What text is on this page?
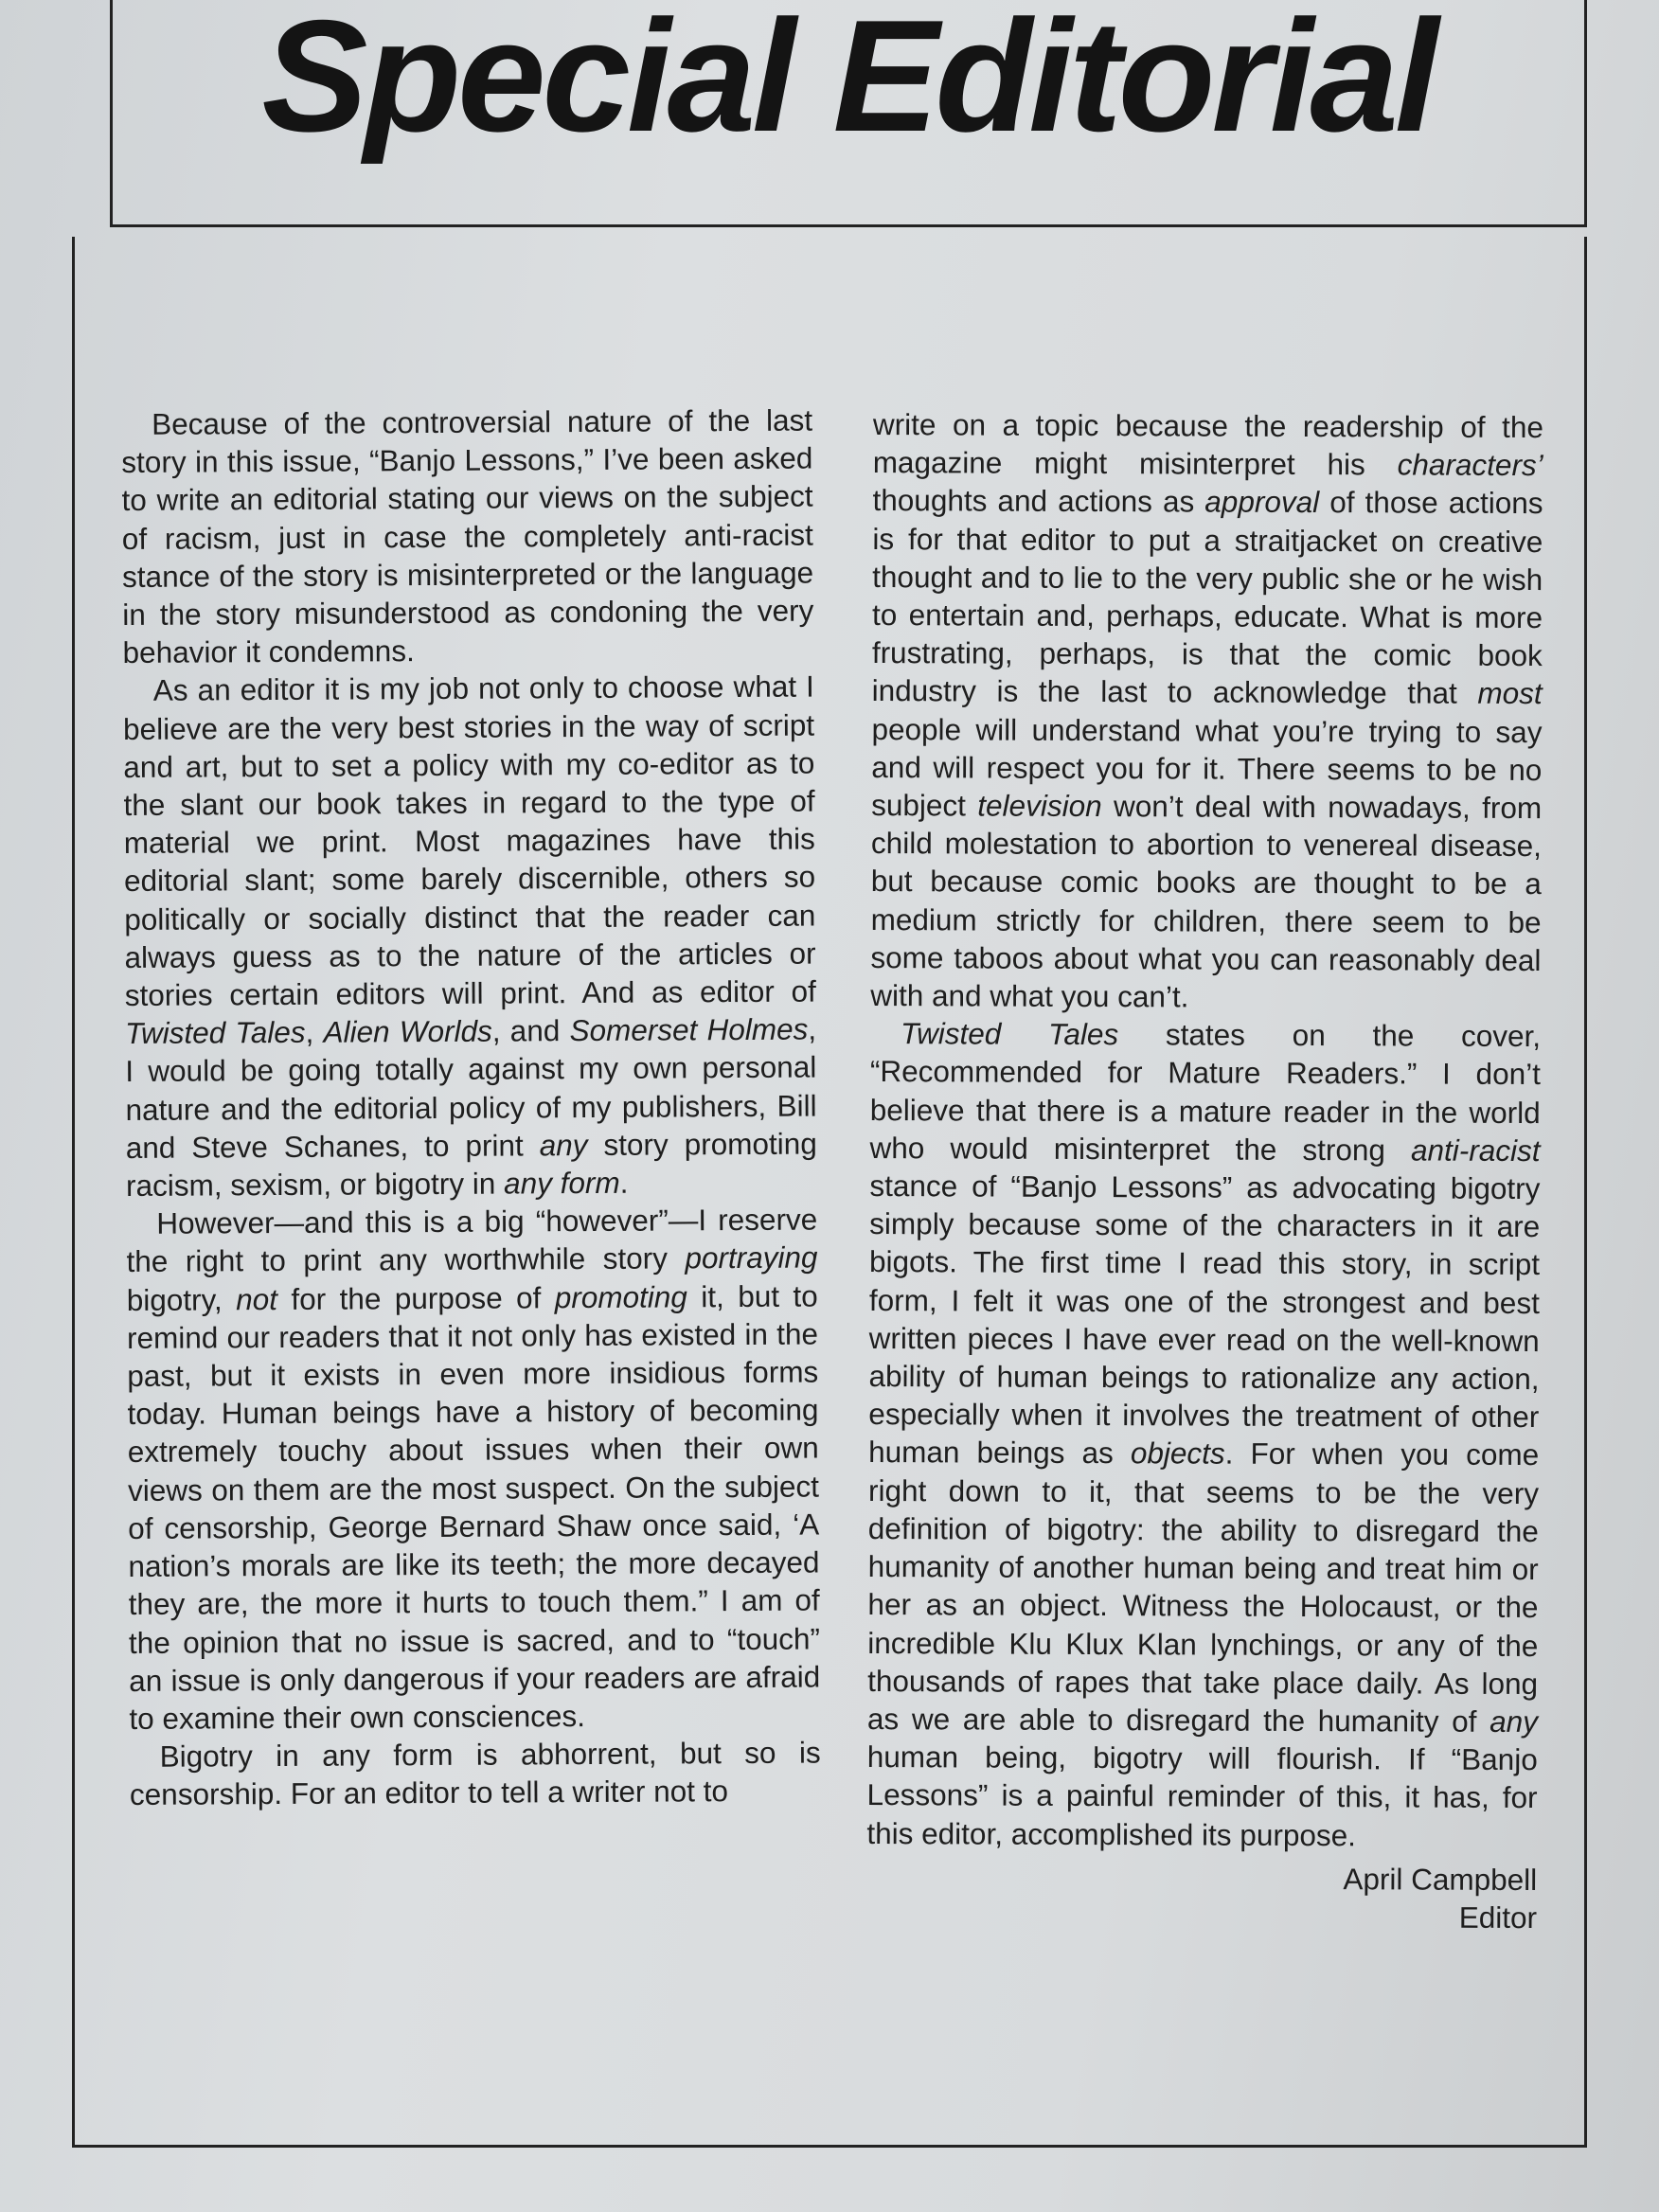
Special Editorial

Because of the controversial nature of the last story in this issue, “Banjo Lessons,” I’ve been asked to write an editorial stating our views on the subject of racism, just in case the completely anti-racist stance of the story is misinterpreted or the language in the story misunderstood as condoning the very behavior it condemns.

As an editor it is my job not only to choose what I believe are the very best stories in the way of script and art, but to set a policy with my co-editor as to the slant our book takes in regard to the type of material we print. Most magazines have this editorial slant; some barely discernible, others so politically or socially distinct that the reader can always guess as to the nature of the articles or stories certain editors will print. And as editor of Twisted Tales, Alien Worlds, and Somerset Holmes, I would be going totally against my own personal nature and the editorial policy of my publishers, Bill and Steve Schanes, to print any story promoting racism, sexism, or bigotry in any form.

However—and this is a big “however”—I reserve the right to print any worthwhile story portraying bigotry, not for the purpose of promoting it, but to remind our readers that it not only has existed in the past, but it exists in even more insidious forms today. Human beings have a history of becoming extremely touchy about issues when their own views on them are the most suspect. On the subject of censorship, George Bernard Shaw once said, ‘A nation’s morals are like its teeth; the more decayed they are, the more it hurts to touch them.” I am of the opinion that no issue is sacred, and to “touch” an issue is only dangerous if your readers are afraid to examine their own consciences.

Bigotry in any form is abhorrent, but so is censorship. For an editor to tell a writer not to

write on a topic because the readership of the magazine might misinterpret his characters’ thoughts and actions as approval of those actions is for that editor to put a straitjacket on creative thought and to lie to the very public she or he wish to entertain and, perhaps, educate. What is more frustrating, perhaps, is that the comic book industry is the last to acknowledge that most people will understand what you’re trying to say and will respect you for it. There seems to be no subject television won’t deal with nowadays, from child molestation to abortion to venereal disease, but because comic books are thought to be a medium strictly for children, there seem to be some taboos about what you can reasonably deal with and what you can’t.

Twisted Tales states on the cover, “Recommended for Mature Readers.” I don’t believe that there is a mature reader in the world who would misinterpret the strong anti-racist stance of “Banjo Lessons” as advocating bigotry simply because some of the characters in it are bigots. The first time I read this story, in script form, I felt it was one of the strongest and best written pieces I have ever read on the well-known ability of human beings to rationalize any action, especially when it involves the treatment of other human beings as objects. For when you come right down to it, that seems to be the very definition of bigotry: the ability to disregard the humanity of another human being and treat him or her as an object. Witness the Holocaust, or the incredible Klu Klux Klan lynchings, or any of the thousands of rapes that take place daily. As long as we are able to disregard the humanity of any human being, bigotry will flourish. If “Banjo Lessons” is a painful reminder of this, it has, for this editor, accomplished its purpose.

April Campbell
Editor
